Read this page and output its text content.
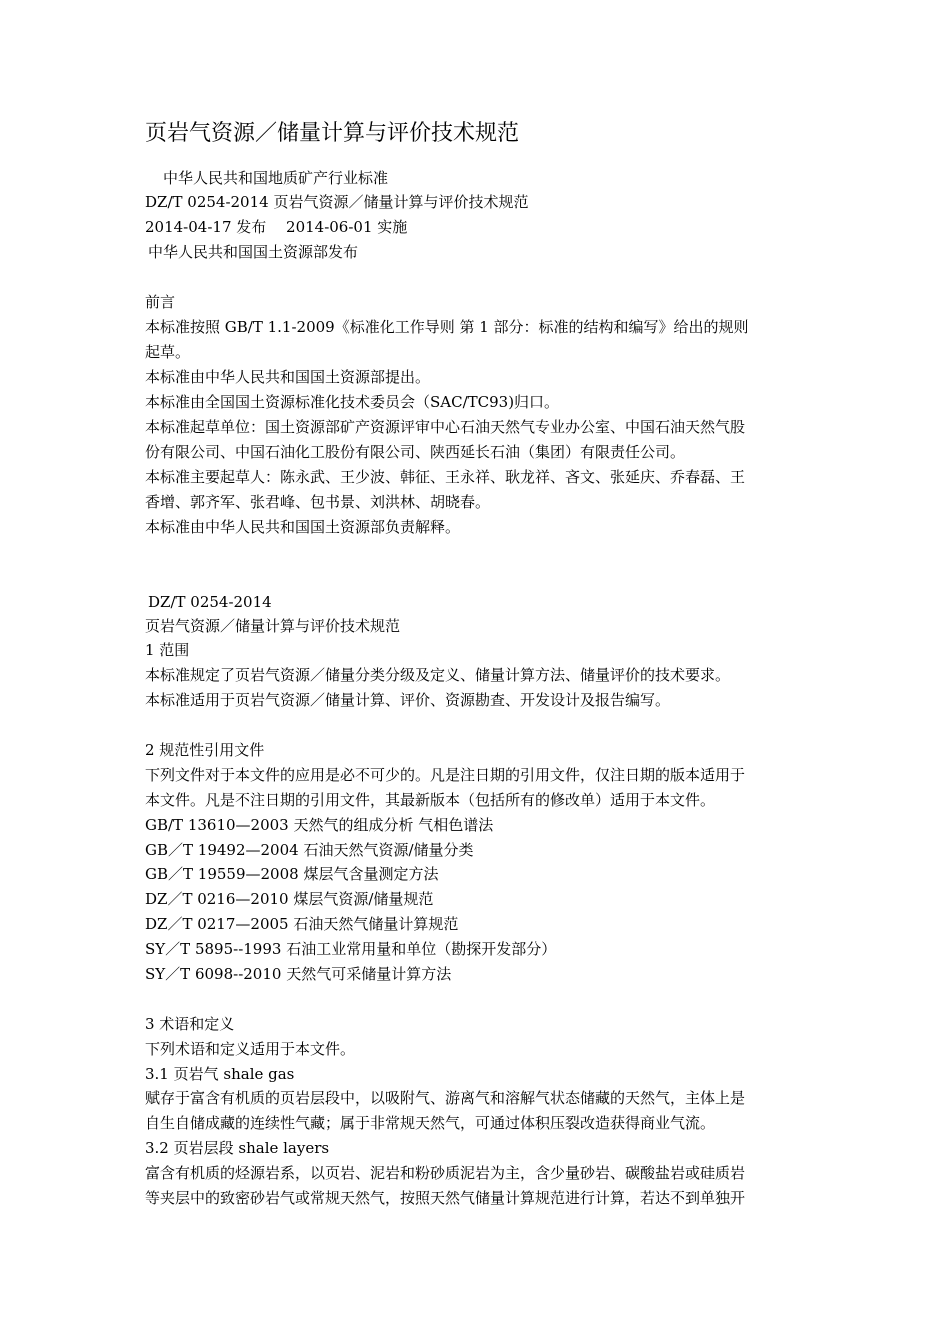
页岩气资源／储量计算与评价技术规范
中华人民共和国地质矿产行业标准
DZ/T 0254-2014 页岩气资源／储量计算与评价技术规范
2014-04-17 发布　 2014-06-01 实施
中华人民共和国国土资源部发布
前言
本标准按照 GB/T 1.1-2009《标准化工作导则 第 1 部分：标准的结构和编写》给出的规则
起草。
本标准由中华人民共和国国土资源部提出。
本标准由全国国土资源标准化技术委员会（SAC/TC93)归口。
本标准起草单位：国土资源部矿产资源评审中心石油天然气专业办公室、中国石油天然气股
份有限公司、中国石油化工股份有限公司、陕西延长石油（集团）有限责任公司。
本标准主要起草人：陈永武、王少波、韩征、王永祥、耿龙祥、吝文、张延庆、乔春磊、王
香增、郭齐军、张君峰、包书景、刘洪林、胡晓春。
本标准由中华人民共和国国土资源部负责解释。
DZ/T 0254-2014
页岩气资源／储量计算与评价技术规范
1 范围
本标准规定了页岩气资源／储量分类分级及定义、储量计算方法、储量评价的技术要求。
本标准适用于页岩气资源／储量计算、评价、资源勘查、开发设计及报告编写。
2 规范性引用文件
下列文件对于本文件的应用是必不可少的。凡是注日期的引用文件，仅注日期的版本适用于
本文件。凡是不注日期的引用文件，其最新版本（包括所有的修改单）适用于本文件。
GB/T 13610—2003 天然气的组成分析 气相色谱法
GB／T 19492—2004 石油天然气资源/储量分类
GB／T 19559—2008 煤层气含量测定方法
DZ／T 0216—2010 煤层气资源/储量规范
DZ／T 0217—2005 石油天然气储量计算规范
SY／T 5895--1993 石油工业常用量和单位（勘探开发部分）
SY／T 6098--2010 天然气可采储量计算方法
3 术语和定义
下列术语和定义适用于本文件。
3.1 页岩气 shale gas
赋存于富含有机质的页岩层段中，以吸附气、游离气和溶解气状态储藏的天然气，主体上是
自生自储成藏的连续性气藏；属于非常规天然气，可通过体积压裂改造获得商业气流。
3.2 页岩层段 shale layers
富含有机质的烃源岩系，以页岩、泥岩和粉砂质泥岩为主，含少量砂岩、碳酸盐岩或硅质岩
等夹层中的致密砂岩气或常规天然气，按照天然气储量计算规范进行计算，若达不到单独开
